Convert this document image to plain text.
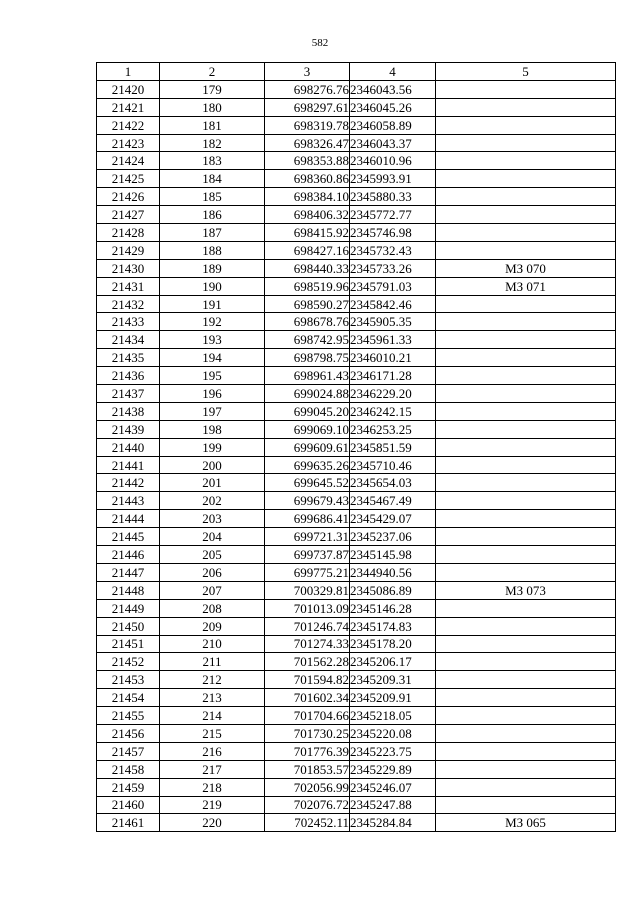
582
1	2	3	4	5
21420	179	698276.76	2346043.56	
21421	180	698297.61	2346045.26	
21422	181	698319.78	2346058.89	
21423	182	698326.47	2346043.37	
21424	183	698353.88	2346010.96	
21425	184	698360.86	2345993.91	
21426	185	698384.10	2345880.33	
21427	186	698406.32	2345772.77	
21428	187	698415.92	2345746.98	
21429	188	698427.16	2345732.43	
21430	189	698440.33	2345733.26	МЗ 070
21431	190	698519.96	2345791.03	МЗ 071
21432	191	698590.27	2345842.46	
21433	192	698678.76	2345905.35	
21434	193	698742.95	2345961.33	
21435	194	698798.75	2346010.21	
21436	195	698961.43	2346171.28	
21437	196	699024.88	2346229.20	
21438	197	699045.20	2346242.15	
21439	198	699069.10	2346253.25	
21440	199	699609.61	2345851.59	
21441	200	699635.26	2345710.46	
21442	201	699645.52	2345654.03	
21443	202	699679.43	2345467.49	
21444	203	699686.41	2345429.07	
21445	204	699721.31	2345237.06	
21446	205	699737.87	2345145.98	
21447	206	699775.21	2344940.56	
21448	207	700329.81	2345086.89	МЗ 073
21449	208	701013.09	2345146.28	
21450	209	701246.74	2345174.83	
21451	210	701274.33	2345178.20	
21452	211	701562.28	2345206.17	
21453	212	701594.82	2345209.31	
21454	213	701602.34	2345209.91	
21455	214	701704.66	2345218.05	
21456	215	701730.25	2345220.08	
21457	216	701776.39	2345223.75	
21458	217	701853.57	2345229.89	
21459	218	702056.99	2345246.07	
21460	219	702076.72	2345247.88	
21461	220	702452.11	2345284.84	МЗ 065
